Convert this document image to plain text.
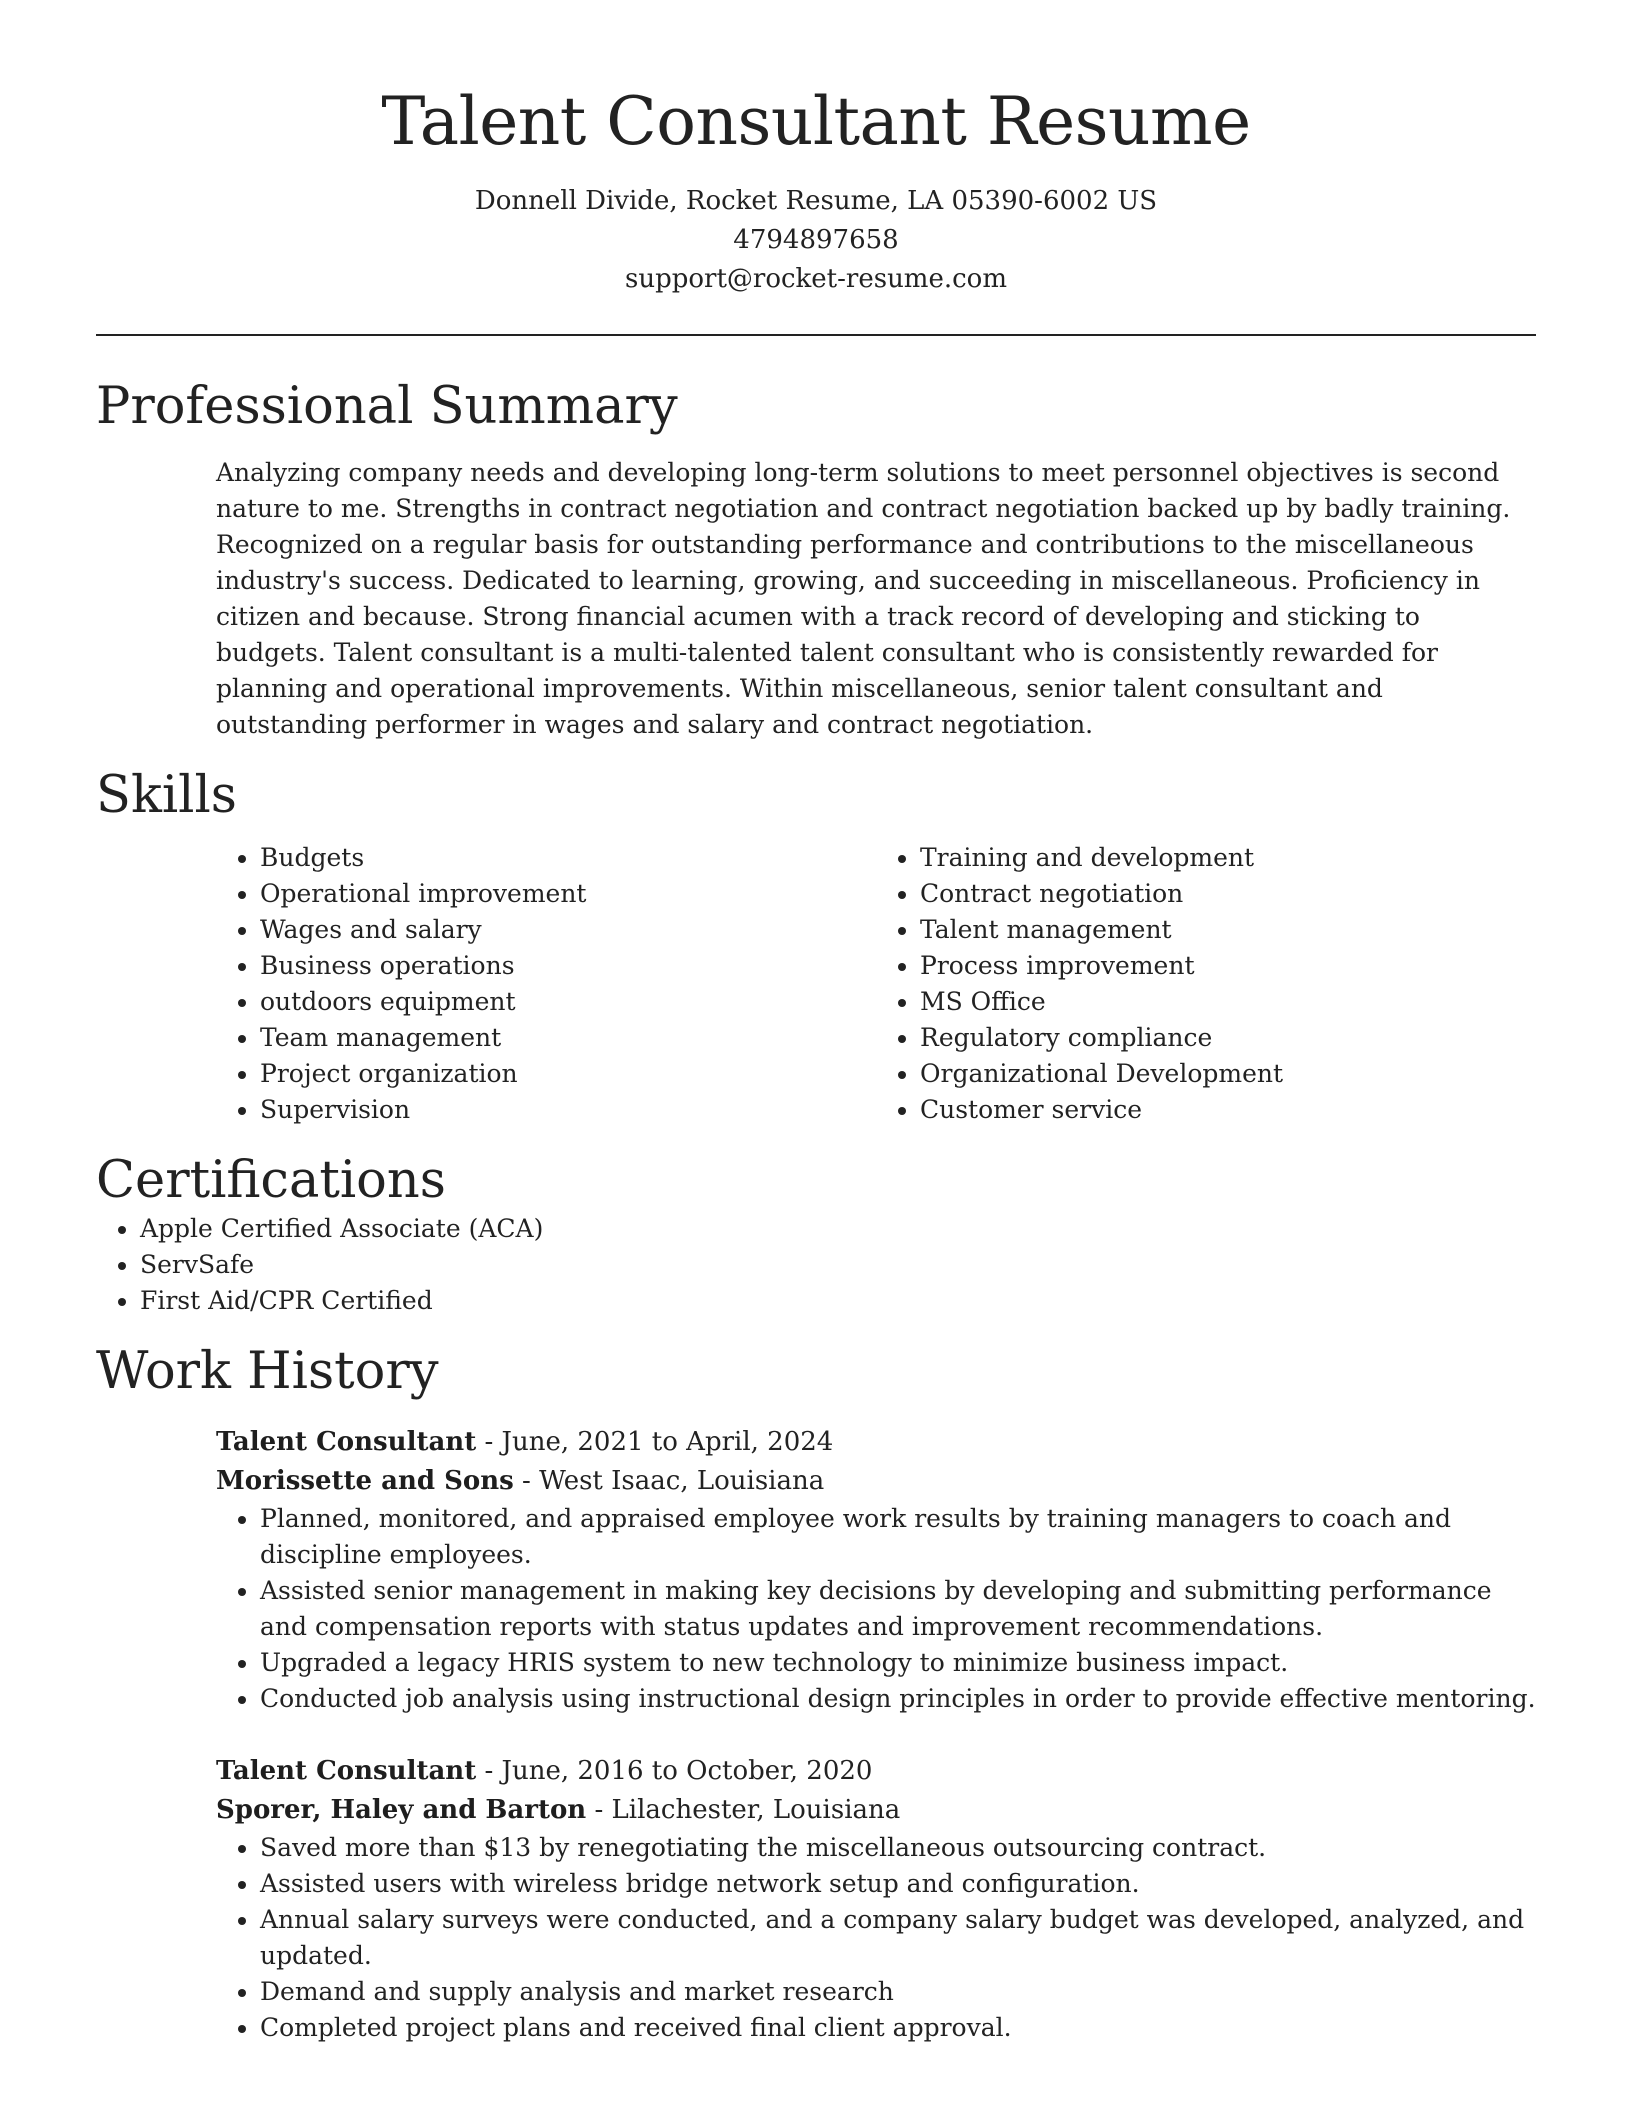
Talent Consultant Resume

Donnell Divide, Rocket Resume, LA 05390-6002 US

4794897658

support@rocket-resume.com

Professional Summary

Analyzing company needs and developing long-term solutions to meet personnel objectives is second nature to me. Strengths in contract negotiation and contract negotiation backed up by badly training. Recognized on a regular basis for outstanding performance and contributions to the miscellaneous industry's success. Dedicated to learning, growing, and succeeding in miscellaneous. Proficiency in citizen and because. Strong financial acumen with a track record of developing and sticking to budgets. Talent consultant is a multi-talented talent consultant who is consistently rewarded for planning and operational improvements. Within miscellaneous, senior talent consultant and outstanding performer in wages and salary and contract negotiation.

Skills
• Budgets
• Operational improvement
• Wages and salary
• Business operations
• outdoors equipment
• Team management
• Project organization
• Supervision
• Training and development
• Contract negotiation
• Talent management
• Process improvement
• MS Office
• Regulatory compliance
• Organizational Development
• Customer service
Certifications
• Apple Certified Associate (ACA)
• ServSafe
• First Aid/CPR Certified
Work History

Talent Consultant - June, 2021 to April, 2024

Morissette and Sons - West Isaac, Louisiana

• Planned, monitored, and appraised employee work results by training managers to coach and discipline employees.
• Assisted senior management in making key decisions by developing and submitting performance and compensation reports with status updates and improvement recommendations.
• Upgraded a legacy HRIS system to new technology to minimize business impact.
• Conducted job analysis using instructional design principles in order to provide effective mentoring.

Talent Consultant - June, 2016 to October, 2020

Sporer, Haley and Barton - Lilachester, Louisiana

• Saved more than $13 by renegotiating the miscellaneous outsourcing contract.
• Assisted users with wireless bridge network setup and configuration.
• Annual salary surveys were conducted, and a company salary budget was developed, analyzed, and updated.
• Demand and supply analysis and market research
• Completed project plans and received final client approval.
